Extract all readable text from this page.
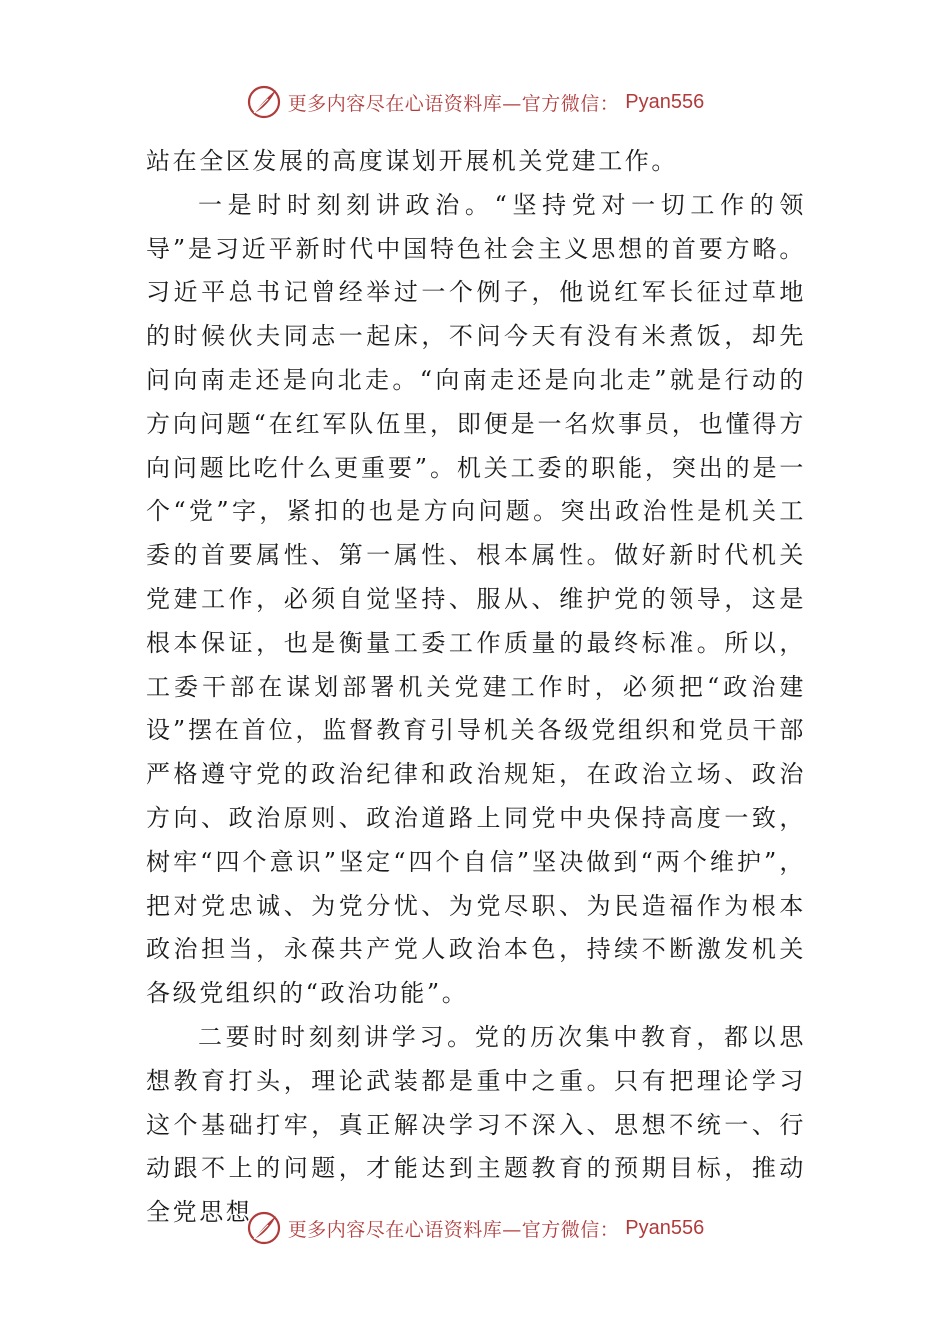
更多内容尽在心语资料库—官方微信： Pyan556

站在全区发展的高度谋划开展机关党建工作。

一是时时刻刻讲政治。“坚持党对一切工作的领导”是习近平新时代中国特色社会主义思想的首要方略。习近平总书记曾经举过一个例子，他说红军长征过草地的时候伙夫同志一起床，不问今天有没有米煮饭，却先问向南走还是向北走。“向南走还是向北走”就是行动的方向问题“在红军队伍里，即便是一名炊事员，也懂得方向问题比吃什么更重要”。机关工委的职能，突出的是一个“党”字，紧扣的也是方向问题。突出政治性是机关工委的首要属性、第一属性、根本属性。做好新时代机关党建工作，必须自觉坚持、服从、维护党的领导，这是根本保证，也是衡量工委工作质量的最终标准。所以，工委干部在谋划部署机关党建工作时，必须把“政治建设”摆在首位，监督教育引导机关各级党组织和党员干部严格遵守党的政治纪律和政治规矩，在政治立场、政治方向、政治原则、政治道路上同党中央保持高度一致，树牢“四个意识”坚定“四个自信”坚决做到“两个维护”，把对党忠诚、为党分忧、为党尽职、为民造福作为根本政治担当，永葆共产党人政治本色，持续不断激发机关各级党组织的“政治功能”。

二要时时刻刻讲学习。党的历次集中教育，都以思想教育打头，理论武装都是重中之重。只有把理论学习这个基础打牢，真正解决学习不深入、思想不统一、行动跟不上的问题，才能达到主题教育的预期目标，推动全党思想

更多内容尽在心语资料库—官方微信： Pyan556
